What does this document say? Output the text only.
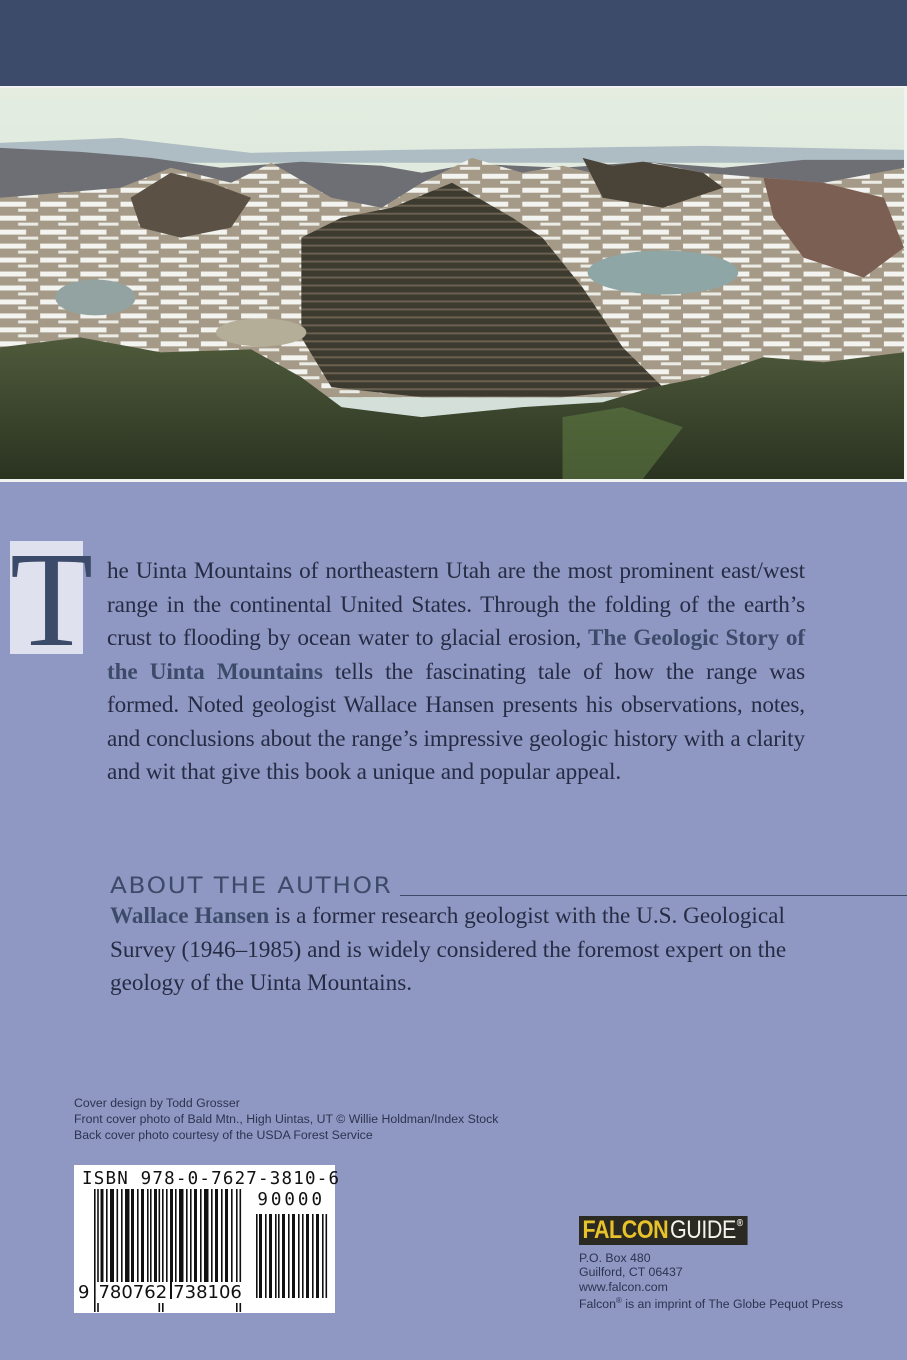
T he Uinta Mountains of northeastern Utah are the most prominent east/west range in the continental United States. Through the folding of the earth’s crust to flooding by ocean water to glacial erosion, The Geologic Story of the Uinta Mountains tells the fascinating tale of how the range was formed. Noted geologist Wallace Hansen presents his observations, notes, and conclusions about the range’s impressive geologic history with a clarity and wit that give this book a unique and popular appeal.
ABOUT THE AUTHOR
Wallace Hansen is a former research geologist with the U.S. Geological Survey (1946–1985) and is widely considered the foremost expert on the geology of the Uinta Mountains.
Cover design by Todd Grosser
Front cover photo of Bald Mtn., High Uintas, UT © Willie Holdman/Index Stock
Back cover photo courtesy of the USDA Forest Service
ISBN 978-0-7627-3810-6
90000
9 780762 738106
FALCONGUIDE®
P.O. Box 480
Guilford, CT 06437
www.falcon.com
Falcon® is an imprint of The Globe Pequot Press
